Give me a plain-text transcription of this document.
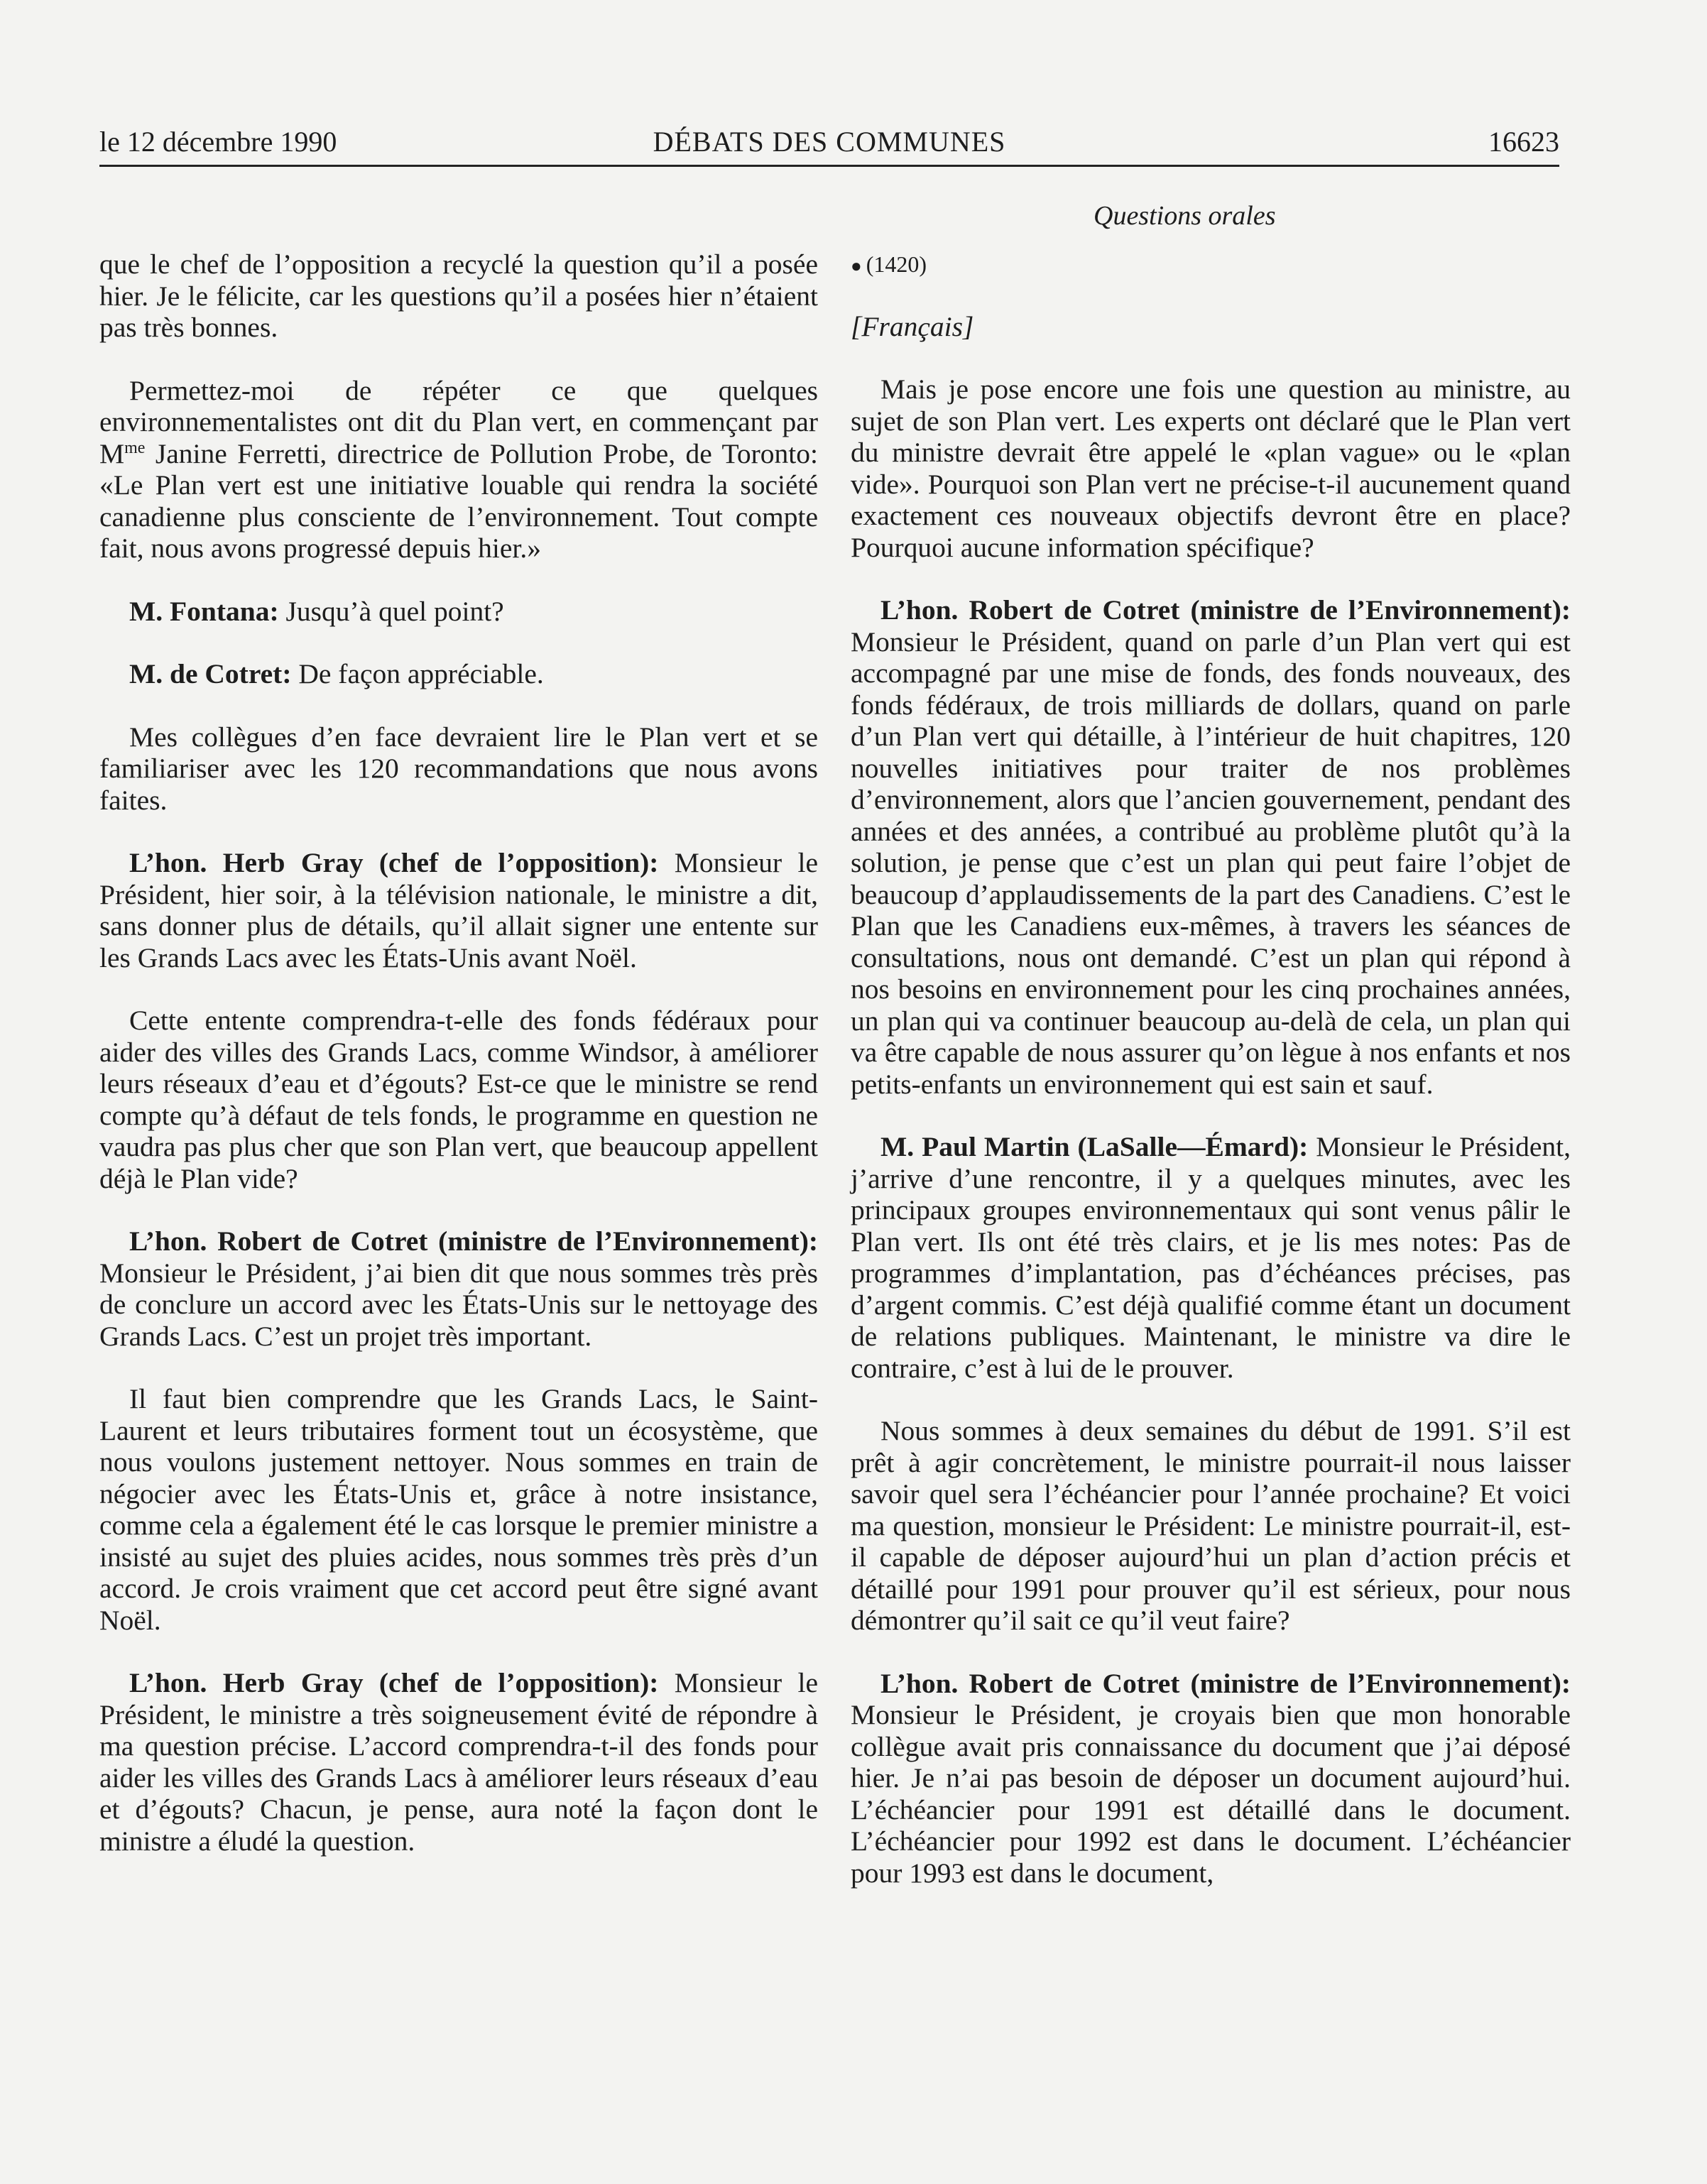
le 12 décembre 1990	DÉBATS DES COMMUNES	16623
Questions orales

que le chef de l’opposition a recyclé la question qu’il a posée hier. Je le félicite, car les questions qu’il a posées hier n’étaient pas très bonnes.

Permettez-moi de répéter ce que quelques environnementalistes ont dit du Plan vert, en commençant par $M^{me}$ Janine Ferretti, directrice de Pollution Probe, de Toronto: «Le Plan vert est une initiative louable qui rendra la société canadienne plus consciente de l’environnement. Tout compte fait, nous avons progressé depuis hier.»

M. Fontana: Jusqu’à quel point?

M. de Cotret: De façon appréciable.

Mes collègues d’en face devraient lire le Plan vert et se familiariser avec les 120 recommandations que nous avons faites.

L’hon. Herb Gray (chef de l’opposition): Monsieur le Président, hier soir, à la télévision nationale, le ministre a dit, sans donner plus de détails, qu’il allait signer une entente sur les Grands Lacs avec les États-Unis avant Noël.

Cette entente comprendra-t-elle des fonds fédéraux pour aider des villes des Grands Lacs, comme Windsor, à améliorer leurs réseaux d’eau et d’égouts? Est-ce que le ministre se rend compte qu’à défaut de tels fonds, le programme en question ne vaudra pas plus cher que son Plan vert, que beaucoup appellent déjà le Plan vide?

L’hon. Robert de Cotret (ministre de l’Environnement): Monsieur le Président, j’ai bien dit que nous sommes très près de conclure un accord avec les États-Unis sur le nettoyage des Grands Lacs. C’est un projet très important.

Il faut bien comprendre que les Grands Lacs, le Saint-Laurent et leurs tributaires forment tout un écosystème, que nous voulons justement nettoyer. Nous sommes en train de négocier avec les États-Unis et, grâce à notre insistance, comme cela a également été le cas lorsque le premier ministre a insisté au sujet des pluies acides, nous sommes très près d’un accord. Je crois vraiment que cet accord peut être signé avant Noël.

L’hon. Herb Gray (chef de l’opposition): Monsieur le Président, le ministre a très soigneusement évité de répondre à ma question précise. L’accord comprendra-t-il des fonds pour aider les villes des Grands Lacs à améliorer leurs réseaux d’eau et d’égouts? Chacun, je pense, aura noté la façon dont le ministre a éludé la question.

● (1420)
[Français]

Mais je pose encore une fois une question au ministre, au sujet de son Plan vert. Les experts ont déclaré que le Plan vert du ministre devrait être appelé le «plan vague» ou le «plan vide». Pourquoi son Plan vert ne précise-t-il aucunement quand exactement ces nouveaux objectifs devront être en place? Pourquoi aucune information spécifique?

L’hon. Robert de Cotret (ministre de l’Environnement): Monsieur le Président, quand on parle d’un Plan vert qui est accompagné par une mise de fonds, des fonds nouveaux, des fonds fédéraux, de trois milliards de dollars, quand on parle d’un Plan vert qui détaille, à l’intérieur de huit chapitres, 120 nouvelles initiatives pour traiter de nos problèmes d’environnement, alors que l’ancien gouvernement, pendant des années et des années, a contribué au problème plutôt qu’à la solution, je pense que c’est un plan qui peut faire l’objet de beaucoup d’applaudissements de la part des Canadiens. C’est le Plan que les Canadiens eux-mêmes, à travers les séances de consultations, nous ont demandé. C’est un plan qui répond à nos besoins en environnement pour les cinq prochaines années, un plan qui va continuer beaucoup au-delà de cela, un plan qui va être capable de nous assurer qu’on lègue à nos enfants et nos petits-enfants un environnement qui est sain et sauf.

M. Paul Martin (LaSalle—Émard): Monsieur le Président, j’arrive d’une rencontre, il y a quelques minutes, avec les principaux groupes environnementaux qui sont venus pâlir le Plan vert. Ils ont été très clairs, et je lis mes notes: Pas de programmes d’implantation, pas d’échéances précises, pas d’argent commis. C’est déjà qualifié comme étant un document de relations publiques. Maintenant, le ministre va dire le contraire, c’est à lui de le prouver.

Nous sommes à deux semaines du début de 1991. S’il est prêt à agir concrètement, le ministre pourrait-il nous laisser savoir quel sera l’échéancier pour l’année prochaine? Et voici ma question, monsieur le Président: Le ministre pourrait-il, est-il capable de déposer aujourd’hui un plan d’action précis et détaillé pour 1991 pour prouver qu’il est sérieux, pour nous démontrer qu’il sait ce qu’il veut faire?

L’hon. Robert de Cotret (ministre de l’Environnement): Monsieur le Président, je croyais bien que mon honorable collègue avait pris connaissance du document que j’ai déposé hier. Je n’ai pas besoin de déposer un document aujourd’hui. L’échéancier pour 1991 est détaillé dans le document. L’échéancier pour 1992 est dans le document. L’échéancier pour 1993 est dans le document,
